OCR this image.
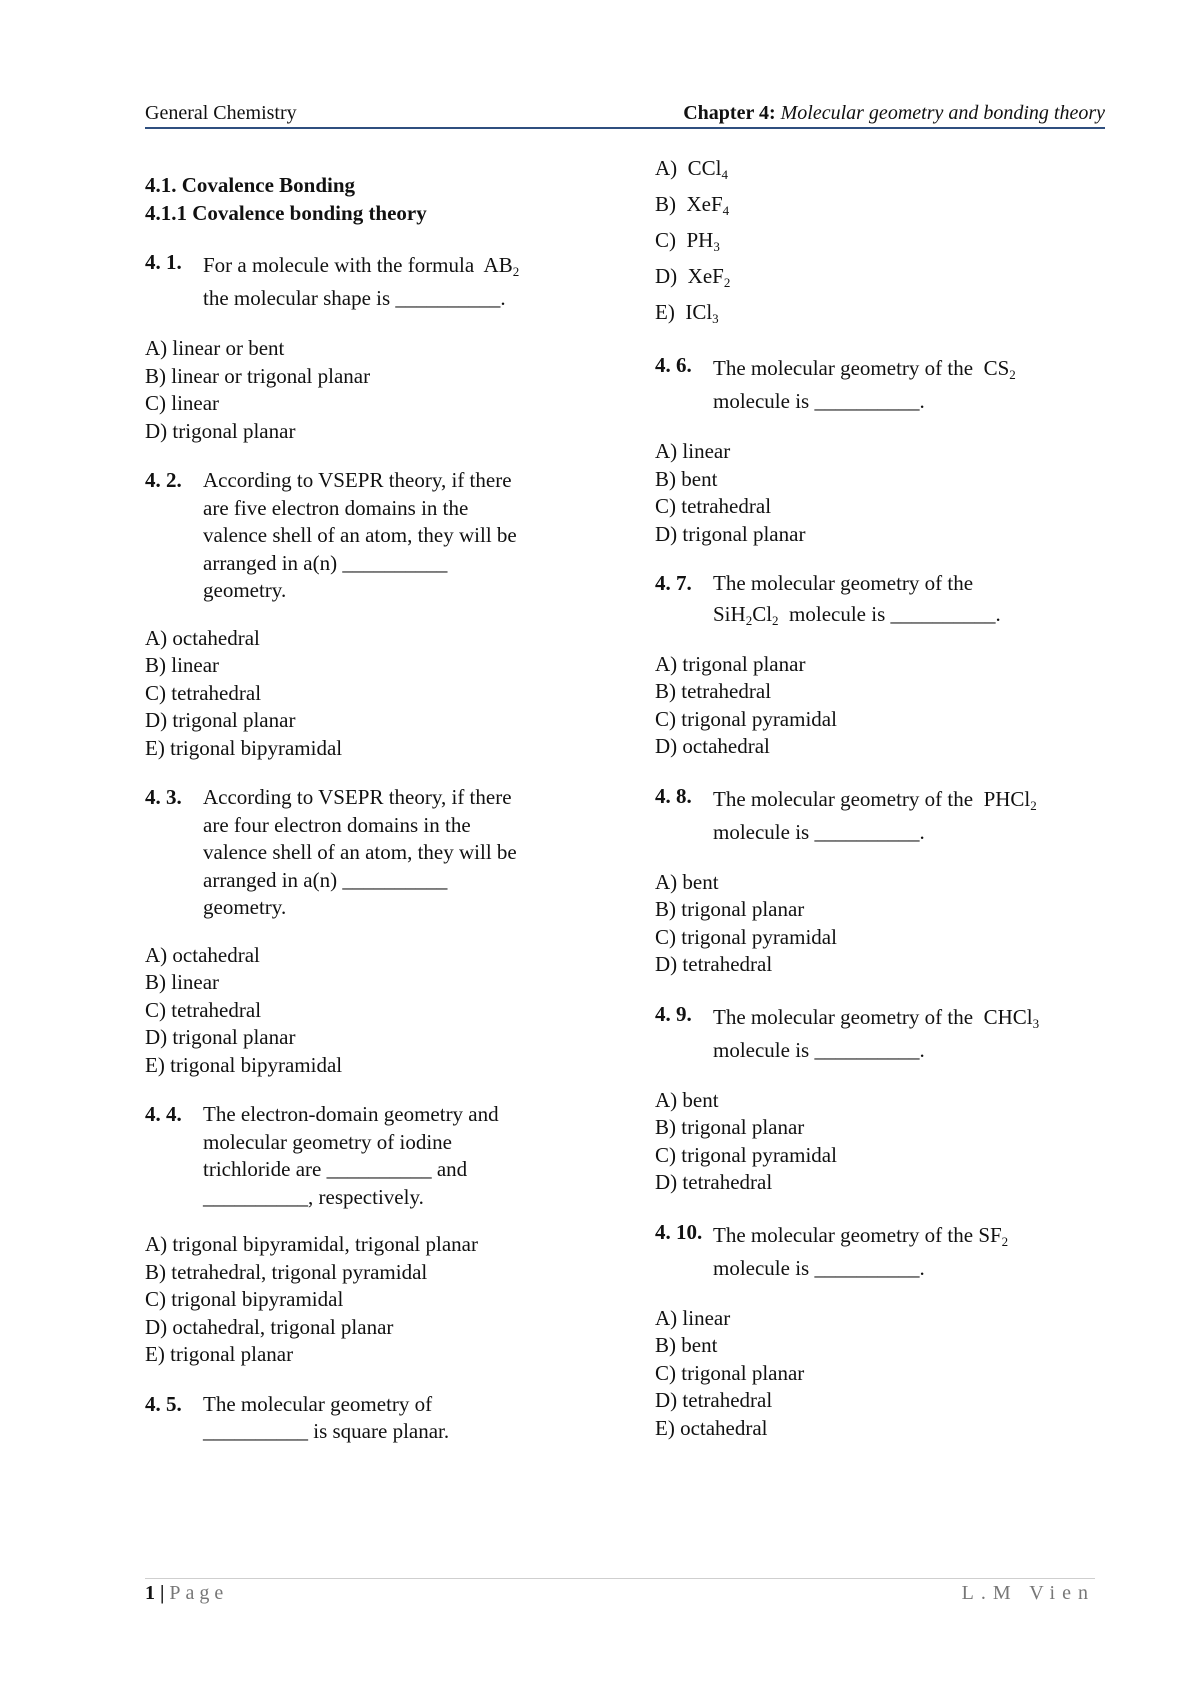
General Chemistry	Chapter 4: Molecular geometry and bonding theory
4.1. Covalence Bonding
4.1.1 Covalence bonding theory
4. 1.	For a molecule with the formula $AB_2$
the molecular shape is __________.
A) linear or bent
B) linear or trigonal planar
C) linear
D) trigonal planar
4. 2.	According to VSEPR theory, if there
are five electron domains in the
valence shell of an atom, they will be
arranged in a(n) __________
geometry.
A) octahedral
B) linear
C) tetrahedral
D) trigonal planar
E) trigonal bipyramidal
4. 3.	According to VSEPR theory, if there
are four electron domains in the
valence shell of an atom, they will be
arranged in a(n) __________
geometry.
A) octahedral
B) linear
C) tetrahedral
D) trigonal planar
E) trigonal bipyramidal
4. 4.	The electron-domain geometry and
molecular geometry of iodine
trichloride are __________ and
__________, respectively.
A) trigonal bipyramidal, trigonal planar
B) tetrahedral, trigonal pyramidal
C) trigonal bipyramidal
D) octahedral, trigonal planar
E) trigonal planar
4. 5.	The molecular geometry of
__________ is square planar.
A) CCl$_4$
B) XeF$_4$
C) $PH_3$
D) XeF$_2$
E) ICl$_3$
4. 6.	The molecular geometry of the $CS_2$
molecule is __________.
A) linear
B) bent
C) tetrahedral
D) trigonal planar
4. 7.	The molecular geometry of the
$SiH_2Cl_2$ molecule is __________.
A) trigonal planar
B) tetrahedral
C) trigonal pyramidal
D) octahedral
4. 8.	The molecular geometry of the PHCl$_2$
molecule is __________.
A) bent
B) trigonal planar
C) trigonal pyramidal
D) tetrahedral
4. 9.	The molecular geometry of the CHCl$_3$
molecule is __________.
A) bent
B) trigonal planar
C) trigonal pyramidal
D) tetrahedral
4. 10. The molecular geometry of the $SF_2$
molecule is __________.
A) linear
B) bent
C) trigonal planar
D) tetrahedral
E) octahedral
1 | Page	L.M Vien
